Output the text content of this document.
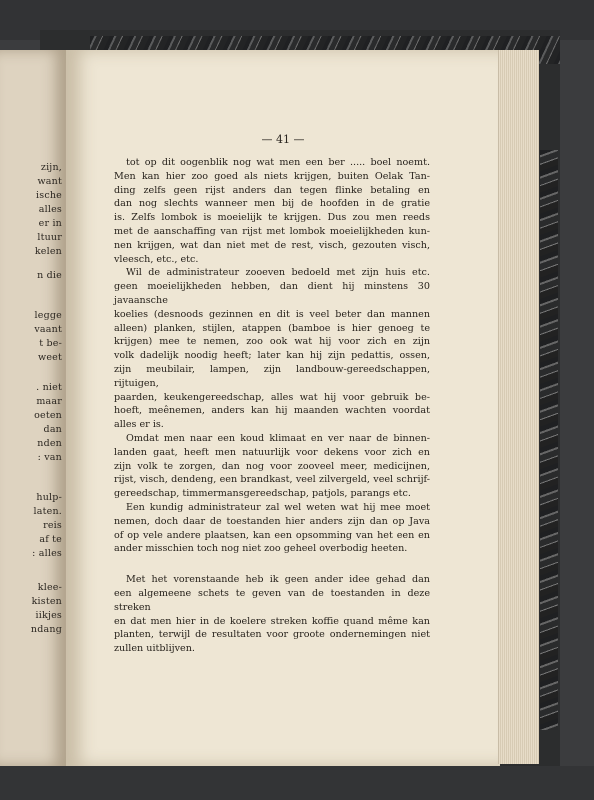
zijn,
want
ische
alles
er in
ltuur
kelen
n die
legge
vaant
t be-
weet
. niet
maar
oeten
dan
nden
: van
hulp-
laten.
reis
af te
: alles
klee-
kisten
iikjes
ndang
— 41 —

tot op dit oogenblik nog wat men een ber ..... boel noemt.

Men kan hier zoo goed als niets krijgen, buiten Oelak Tan-

ding zelfs geen rijst anders dan tegen flinke betaling en

dan nog slechts wanneer men bij de hoofden in de gratie

is. Zelfs lombok is moeielijk te krijgen. Dus zou men reeds

met de aanschaffing van rijst met lombok moeielijkheden kun-

nen krijgen, wat dan niet met de rest, visch, gezouten visch,

vleesch, etc., etc.

Wil de administrateur zooeven bedoeld met zijn huis etc.

geen moeielijkheden hebben, dan dient hij minstens 30 javaansche

koelies (desnoods gezinnen en dit is veel beter dan mannen

alleen) planken, stijlen, atappen (bamboe is hier genoeg te

krijgen) mee te nemen, zoo ook wat hij voor zich en zijn

volk dadelijk noodig heeft; later kan hij zijn pedattis, ossen,

zijn meubilair, lampen, zijn landbouw-gereedschappen, rijtuigen,

paarden, keukengereedschap, alles wat hij voor gebruik be-

hoeft, meênemen, anders kan hij maanden wachten voordat

alles er is.

Omdat men naar een koud klimaat en ver naar de binnen-

landen gaat, heeft men natuurlijk voor dekens voor zich en

zijn volk te zorgen, dan nog voor zooveel meer, medicijnen,

rijst, visch, dendeng, een brandkast, veel zilvergeld, veel schrijf-

gereedschap, timmermansgereedschap, patjols, parangs etc.

Een kundig administrateur zal wel weten wat hij mee moet

nemen, doch daar de toestanden hier anders zijn dan op Java

of op vele andere plaatsen, kan een opsomming van het een en

ander misschien toch nog niet zoo geheel overbodig heeten.

Met het vorenstaande heb ik geen ander idee gehad dan

een algemeene schets te geven van de toestanden in deze streken

en dat men hier in de koelere streken koffie quand même kan

planten, terwijl de resultaten voor groote ondernemingen niet

zullen uitblijven.
